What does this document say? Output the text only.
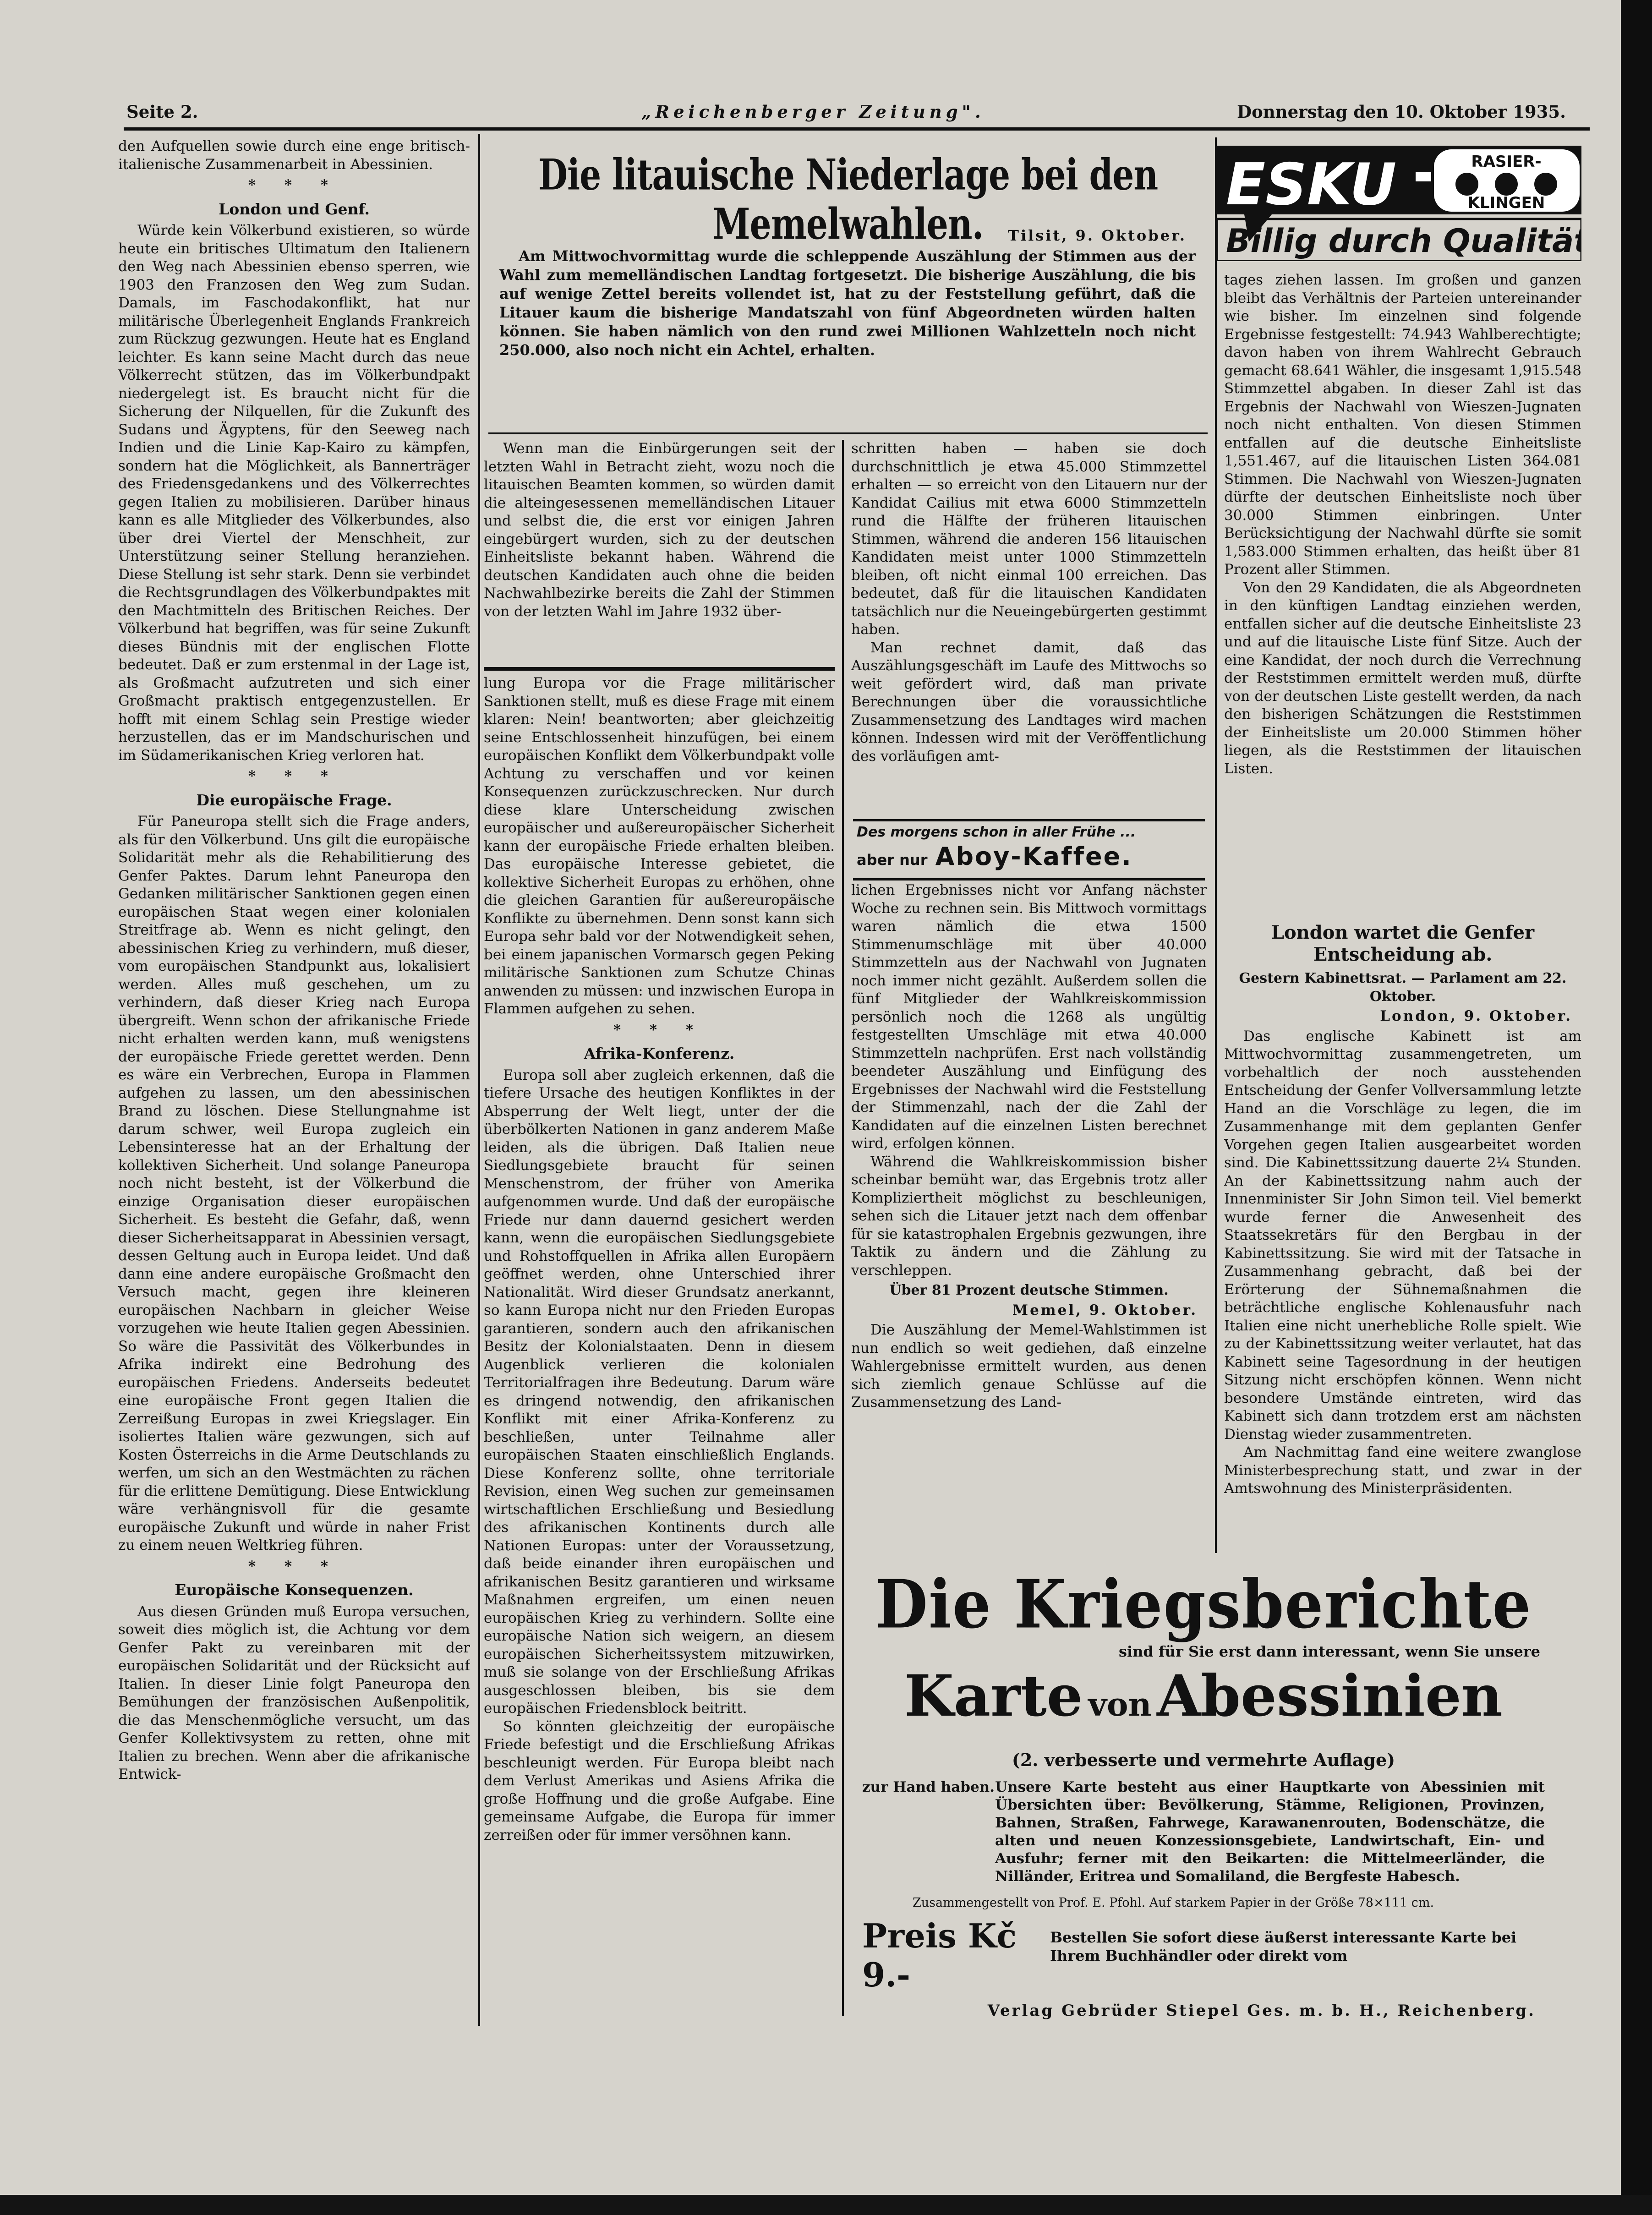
Seite 2.	„Reichenberger Zeitung".	Donnerstag den 10. Oktober 1935.

den Aufquellen sowie durch eine enge britisch-italienische Zusammenarbeit in Abessinien.

* * *
London und Genf.

Würde kein Völkerbund existieren, so würde heute ein britisches Ultimatum den Italienern den Weg nach Abessinien ebenso sperren, wie 1903 den Franzosen den Weg zum Sudan. Damals, im Faschodakonflikt, hat nur militärische Überlegenheit Englands Frankreich zum Rückzug gezwungen. Heute hat es England leichter. Es kann seine Macht durch das neue Völkerrecht stützen, das im Völkerbundpakt niedergelegt ist. Es braucht nicht für die Sicherung der Nilquellen, für die Zukunft des Sudans und Ägyptens, für den Seeweg nach Indien und die Linie Kap-Kairo zu kämpfen, sondern hat die Möglichkeit, als Bannerträger des Friedensgedankens und des Völkerrechtes gegen Italien zu mobilisieren. Darüber hinaus kann es alle Mitglieder des Völkerbundes, also über drei Viertel der Menschheit, zur Unterstützung seiner Stellung heranziehen. Diese Stellung ist sehr stark. Denn sie verbindet die Rechtsgrundlagen des Völkerbundpaktes mit den Machtmitteln des Britischen Reiches. Der Völkerbund hat begriffen, was für seine Zukunft dieses Bündnis mit der englischen Flotte bedeutet. Daß er zum erstenmal in der Lage ist, als Großmacht aufzutreten und sich einer Großmacht praktisch entgegenzustellen. Er hofft mit einem Schlag sein Prestige wieder herzustellen, das er im Mandschurischen und im Südamerikanischen Krieg verloren hat.

* * *
Die europäische Frage.

Für Paneuropa stellt sich die Frage anders, als für den Völkerbund. Uns gilt die europäische Solidarität mehr als die Rehabilitierung des Genfer Paktes. Darum lehnt Paneuropa den Gedanken militärischer Sanktionen gegen einen europäischen Staat wegen einer kolonialen Streitfrage ab. Wenn es nicht gelingt, den abessinischen Krieg zu verhindern, muß dieser, vom europäischen Standpunkt aus, lokalisiert werden. Alles muß geschehen, um zu verhindern, daß dieser Krieg nach Europa übergreift. Wenn schon der afrikanische Friede nicht erhalten werden kann, muß wenigstens der europäische Friede gerettet werden. Denn es wäre ein Verbrechen, Europa in Flammen aufgehen zu lassen, um den abessinischen Brand zu löschen. Diese Stellungnahme ist darum schwer, weil Europa zugleich ein Lebensinteresse hat an der Erhaltung der kollektiven Sicherheit. Und solange Paneuropa noch nicht besteht, ist der Völkerbund die einzige Organisation dieser europäischen Sicherheit. Es besteht die Gefahr, daß, wenn dieser Sicherheitsapparat in Abessinien versagt, dessen Geltung auch in Europa leidet. Und daß dann eine andere europäische Großmacht den Versuch macht, gegen ihre kleineren europäischen Nachbarn in gleicher Weise vorzugehen wie heute Italien gegen Abessinien. So wäre die Passivität des Völkerbundes in Afrika indirekt eine Bedrohung des europäischen Friedens. Anderseits bedeutet eine europäische Front gegen Italien die Zerreißung Europas in zwei Kriegslager. Ein isoliertes Italien wäre gezwungen, sich auf Kosten Österreichs in die Arme Deutschlands zu werfen, um sich an den Westmächten zu rächen für die erlittene Demütigung. Diese Entwicklung wäre verhängnisvoll für die gesamte europäische Zukunft und würde in naher Frist zu einem neuen Weltkrieg führen.

* * *
Europäische Konsequenzen.

Aus diesen Gründen muß Europa versuchen, soweit dies möglich ist, die Achtung vor dem Genfer Pakt zu vereinbaren mit der europäischen Solidarität und der Rücksicht auf Italien. In dieser Linie folgt Paneuropa den Bemühungen der französischen Außenpolitik, die das Menschenmögliche versucht, um das Genfer Kollektivsystem zu retten, ohne mit Italien zu brechen. Wenn aber die afrikanische Entwick-

Die litauische Niederlage bei den Memelwahlen.	Tilsit, 9. Oktober.

Am Mittwochvormittag wurde die schleppende Auszählung der Stimmen aus der Wahl zum memelländischen Landtag fortgesetzt. Die bisherige Auszählung, die bis auf wenige Zettel bereits vollendet ist, hat zu der Feststellung geführt, daß die Litauer kaum die bisherige Mandatszahl von fünf Abgeordneten würden halten können. Sie haben nämlich von den rund zwei Millionen Wahlzetteln noch nicht 250.000, also noch nicht ein Achtel, erhalten.

Wenn man die Einbürgerungen seit der letzten Wahl in Betracht zieht, wozu noch die litauischen Beamten kommen, so würden damit die alteingesessenen memelländischen Litauer und selbst die, die erst vor einigen Jahren eingebürgert wurden, sich zu der deutschen Einheitsliste bekannt haben. Während die deutschen Kandidaten auch ohne die beiden Nachwahlbezirke bereits die Zahl der Stimmen von der letzten Wahl im Jahre 1932 über-

lung Europa vor die Frage militärischer Sanktionen stellt, muß es diese Frage mit einem klaren: Nein! beantworten; aber gleichzeitig seine Entschlossenheit hinzufügen, bei einem europäischen Konflikt dem Völkerbundpakt volle Achtung zu verschaffen und vor keinen Konsequenzen zurückzuschrecken. Nur durch diese klare Unterscheidung zwischen europäischer und außereuropäischer Sicherheit kann der europäische Friede erhalten bleiben. Das europäische Interesse gebietet, die kollektive Sicherheit Europas zu erhöhen, ohne die gleichen Garantien für außereuropäische Konflikte zu übernehmen. Denn sonst kann sich Europa sehr bald vor der Notwendigkeit sehen, bei einem japanischen Vormarsch gegen Peking militärische Sanktionen zum Schutze Chinas anwenden zu müssen: und inzwischen Europa in Flammen aufgehen zu sehen.

* * *
Afrika-Konferenz.

Europa soll aber zugleich erkennen, daß die tiefere Ursache des heutigen Konfliktes in der Absperrung der Welt liegt, unter der die überbölkerten Nationen in ganz anderem Maße leiden, als die übrigen. Daß Italien neue Siedlungsgebiete braucht für seinen Menschenstrom, der früher von Amerika aufgenommen wurde. Und daß der europäische Friede nur dann dauernd gesichert werden kann, wenn die europäischen Siedlungsgebiete und Rohstoffquellen in Afrika allen Europäern geöffnet werden, ohne Unterschied ihrer Nationalität. Wird dieser Grundsatz anerkannt, so kann Europa nicht nur den Frieden Europas garantieren, sondern auch den afrikanischen Besitz der Kolonialstaaten. Denn in diesem Augenblick verlieren die kolonialen Territorialfragen ihre Bedeutung. Darum wäre es dringend notwendig, den afrikanischen Konflikt mit einer Afrika-Konferenz zu beschließen, unter Teilnahme aller europäischen Staaten einschließlich Englands. Diese Konferenz sollte, ohne territoriale Revision, einen Weg suchen zur gemeinsamen wirtschaftlichen Erschließung und Besiedlung des afrikanischen Kontinents durch alle Nationen Europas: unter der Voraussetzung, daß beide einander ihren europäischen und afrikanischen Besitz garantieren und wirksame Maßnahmen ergreifen, um einen neuen europäischen Krieg zu verhindern. Sollte eine europäische Nation sich weigern, an diesem europäischen Sicherheitssystem mitzuwirken, muß sie solange von der Erschließung Afrikas ausgeschlossen bleiben, bis sie dem europäischen Friedensblock beitritt.

So könnten gleichzeitig der europäische Friede befestigt und die Erschließung Afrikas beschleunigt werden. Für Europa bleibt nach dem Verlust Amerikas und Asiens Afrika die große Hoffnung und die große Aufgabe. Eine gemeinsame Aufgabe, die Europa für immer zerreißen oder für immer versöhnen kann.

schritten haben — haben sie doch durchschnittlich je etwa 45.000 Stimmzettel erhalten — so erreicht von den Litauern nur der Kandidat Cailius mit etwa 6000 Stimmzetteln rund die Hälfte der früheren litauischen Stimmen, während die anderen 156 litauischen Kandidaten meist unter 1000 Stimmzetteln bleiben, oft nicht einmal 100 erreichen. Das bedeutet, daß für die litauischen Kandidaten tatsächlich nur die Neueingebürgerten gestimmt haben.

Man rechnet damit, daß das Auszählungsgeschäft im Laufe des Mittwochs so weit gefördert wird, daß man private Berechnungen über die voraussichtliche Zusammensetzung des Landtages wird machen können. Indessen wird mit der Veröffentlichung des vorläufigen amt-

Des morgens schon in aller Frühe ...
aber nur Aboy-Kaffee.

lichen Ergebnisses nicht vor Anfang nächster Woche zu rechnen sein. Bis Mittwoch vormittags waren nämlich die etwa 1500 Stimmenumschläge mit über 40.000 Stimmzetteln aus der Nachwahl von Jugnaten noch immer nicht gezählt. Außerdem sollen die fünf Mitglieder der Wahlkreiskommission persönlich noch die 1268 als ungültig festgestellten Umschläge mit etwa 40.000 Stimmzetteln nachprüfen. Erst nach vollständig beendeter Auszählung und Einfügung des Ergebnisses der Nachwahl wird die Feststellung der Stimmenzahl, nach der die Zahl der Kandidaten auf die einzelnen Listen berechnet wird, erfolgen können.

Während die Wahlkreiskommission bisher scheinbar bemüht war, das Ergebnis trotz aller Kompliziertheit möglichst zu beschleunigen, sehen sich die Litauer jetzt nach dem offenbar für sie katastrophalen Ergebnis gezwungen, ihre Taktik zu ändern und die Zählung zu verschleppen.

Über 81 Prozent deutsche Stimmen.
Memel, 9. Oktober.

Die Auszählung der Memel-Wahlstimmen ist nun endlich so weit gediehen, daß einzelne Wahlergebnisse ermittelt wurden, aus denen sich ziemlich genaue Schlüsse auf die Zusammensetzung des Land-

ESKU	RASIER-
KLINGEN
Billig durch Qualität.

tages ziehen lassen. Im großen und ganzen bleibt das Verhältnis der Parteien untereinander wie bisher. Im einzelnen sind folgende Ergebnisse festgestellt: 74.943 Wahlberechtigte; davon haben von ihrem Wahlrecht Gebrauch gemacht 68.641 Wähler, die insgesamt 1,915.548 Stimmzettel abgaben. In dieser Zahl ist das Ergebnis der Nachwahl von Wieszen-Jugnaten noch nicht enthalten. Von diesen Stimmen entfallen auf die deutsche Einheitsliste 1,551.467, auf die litauischen Listen 364.081 Stimmen. Die Nachwahl von Wieszen-Jugnaten dürfte der deutschen Einheitsliste noch über 30.000 Stimmen einbringen. Unter Berücksichtigung der Nachwahl dürfte sie somit 1,583.000 Stimmen erhalten, das heißt über 81 Prozent aller Stimmen.

Von den 29 Kandidaten, die als Abgeordneten in den künftigen Landtag einziehen werden, entfallen sicher auf die deutsche Einheitsliste 23 und auf die litauische Liste fünf Sitze. Auch der eine Kandidat, der noch durch die Verrechnung der Reststimmen ermittelt werden muß, dürfte von der deutschen Liste gestellt werden, da nach den bisherigen Schätzungen die Reststimmen der Einheitsliste um 20.000 Stimmen höher liegen, als die Reststimmen der litauischen Listen.

London wartet die Genfer Entscheidung ab.
Gestern Kabinettsrat. — Parlament am 22. Oktober.
London, 9. Oktober.

Das englische Kabinett ist am Mittwochvormittag zusammengetreten, um vorbehaltlich der noch ausstehenden Entscheidung der Genfer Vollversammlung letzte Hand an die Vorschläge zu legen, die im Zusammenhange mit dem geplanten Genfer Vorgehen gegen Italien ausgearbeitet worden sind. Die Kabinettssitzung dauerte 2¼ Stunden. An der Kabinettssitzung nahm auch der Innenminister Sir John Simon teil. Viel bemerkt wurde ferner die Anwesenheit des Staatssekretärs für den Bergbau in der Kabinettssitzung. Sie wird mit der Tatsache in Zusammenhang gebracht, daß bei der Erörterung der Sühnemaßnahmen die beträchtliche englische Kohlenausfuhr nach Italien eine nicht unerhebliche Rolle spielt. Wie zu der Kabinettssitzung weiter verlautet, hat das Kabinett seine Tagesordnung in der heutigen Sitzung nicht erschöpfen können. Wenn nicht besondere Umstände eintreten, wird das Kabinett sich dann trotzdem erst am nächsten Dienstag wieder zusammentreten.

Am Nachmittag fand eine weitere zwanglose Ministerbesprechung statt, und zwar in der Amtswohnung des Ministerpräsidenten.

Die Kriegsberichte
sind für Sie erst dann interessant, wenn Sie unsere
Karte von Abessinien
(2. verbesserte und vermehrte Auflage)
zur Hand haben. Unsere Karte besteht aus einer Hauptkarte von Abessinien mit Übersichten über: Bevölkerung, Stämme, Religionen, Provinzen, Bahnen, Straßen, Fahrwege, Karawanenrouten, Bodenschätze, die alten und neuen Konzessionsgebiete, Landwirtschaft, Ein- und Ausfuhr; ferner mit den Beikarten: die Mittelmeerländer, die Nilländer, Eritrea und Somaliland, die Bergfeste Habesch.
Zusammengestellt von Prof. E. Pfohl. Auf starkem Papier in der Größe 78×111 cm.
Preis Kč 9.-
Bestellen Sie sofort diese äußerst interessante Karte bei Ihrem Buchhändler oder direkt vom
Verlag Gebrüder Stiepel Ges. m. b. H., Reichenberg.
